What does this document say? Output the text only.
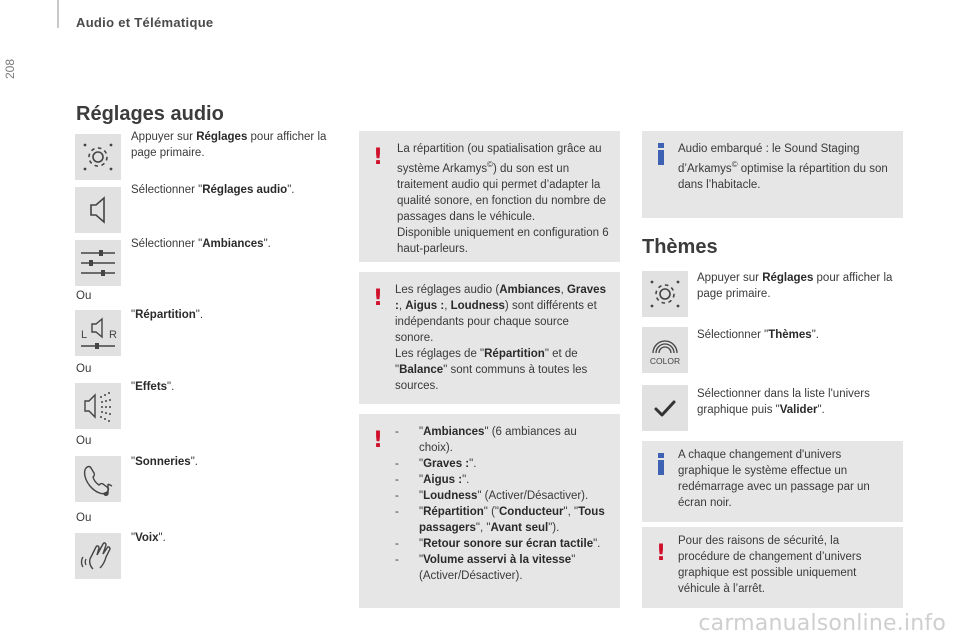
208
Audio et Télématique
Réglages audio
Ou
L R
Ou
Ou
Ou
Appuyer sur Réglages pour afficher la page primaire.
Sélectionner "Réglages audio".
Sélectionner "Ambiances".
"Répartition".
"Effets".
"Sonneries".
"Voix".
! La répartition (ou spatialisation grâce au système Arkamys©) du son est un traitement audio qui permet d’adapter la qualité sonore, en fonction du nombre de passages dans le véhicule.
Disponible uniquement en configuration 6 haut-parleurs.
! Les réglages audio (Ambiances, Graves :, Aigus :, Loudness) sont différents et indépendants pour chaque source sonore.
Les réglages de "Répartition" et de "Balance" sont communs à toutes les sources.
! -	"Ambiances" (6 ambiances au choix).
-	"Graves :".
-	"Aigus :".
-	"Loudness" (Activer/Désactiver).
-	"Répartition" ("Conducteur", "Tous passagers", "Avant seul").
-	"Retour sonore sur écran tactile".
-	"Volume asservi à la vitesse" (Activer/Désactiver).
Audio embarqué : le Sound Staging d’Arkamys© optimise la répartition du son dans l’habitacle.
Thèmes
COLOR
Appuyer sur Réglages pour afficher la page primaire.
Sélectionner "Thèmes".
Sélectionner dans la liste l'univers graphique puis "Valider".
A chaque changement d'univers graphique le système effectue un redémarrage avec un passage par un écran noir.
! Pour des raisons de sécurité, la procédure de changement d’univers graphique est possible uniquement véhicule à l’arrêt.
carmanualsonline.info
